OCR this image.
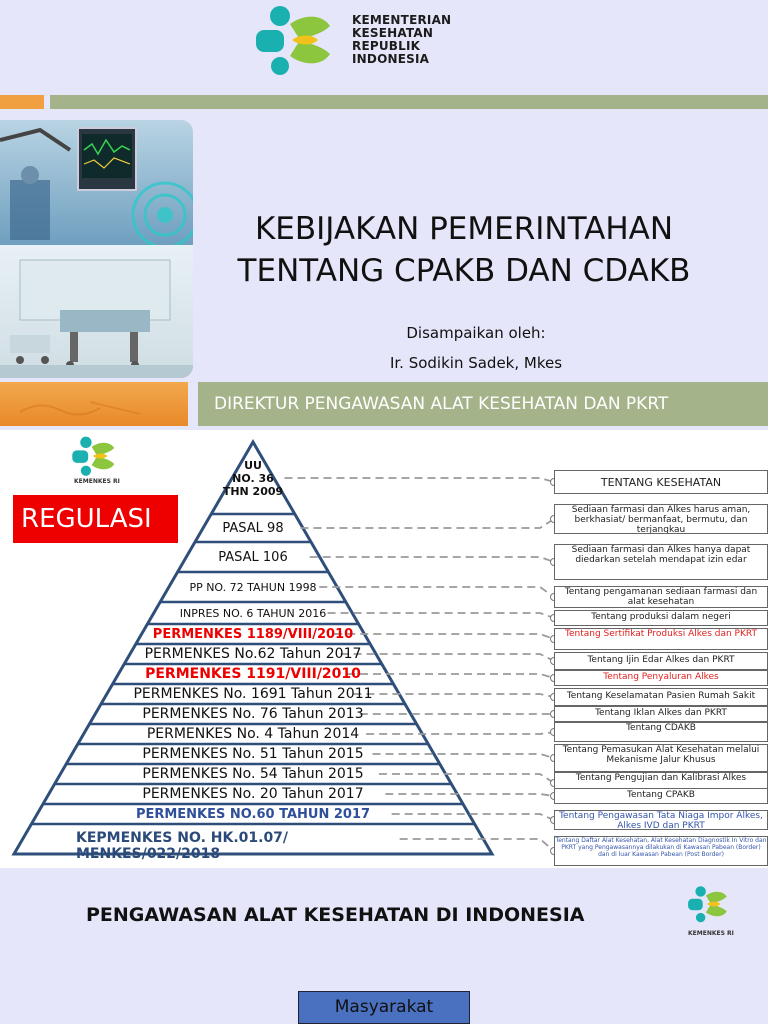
KEMENTERIAN
KESEHATAN
REPUBLIK
INDONESIA
KEBIJAKAN PEMERINTAHAN
TENTANG CPAKB DAN CDAKB
Disampaikan oleh:
Ir. Sodikin Sadek, Mkes
DIREKTUR PENGAWASAN ALAT KESEHATAN DAN PKRT
KEMENKES RI
REGULASI
UU
NO. 36
THN 2009
PASAL 98
PASAL 106
PP NO. 72 TAHUN 1998
INPRES NO. 6 TAHUN 2016
PERMENKES 1189/VIII/2010
PERMENKES No.62 Tahun 2017
PERMENKES 1191/VIII/2010
PERMENKES No. 1691 Tahun 2011
PERMENKES No. 76 Tahun 2013
PERMENKES No. 4 Tahun 2014
PERMENKES No. 51 Tahun 2015
PERMENKES No. 54 Tahun 2015
PERMENKES No. 20 Tahun 2017
PERMENKES NO.60 TAHUN 2017
KEPMENKES NO. HK.01.07/
MENKES/022/2018
TENTANG KESEHATAN
Sediaan farmasi dan Alkes harus aman, berkhasiat/ bermanfaat, bermutu, dan terjangkau
Sediaan farmasi dan Alkes hanya dapat diedarkan setelah mendapat izin edar
Tentang pengamanan sediaan farmasi dan alat kesehatan
Tentang produksi dalam negeri
Tentang Sertifikat Produksi Alkes dan PKRT
Tentang Ijin Edar Alkes dan PKRT
Tentang Penyaluran Alkes
Tentang Keselamatan Pasien Rumah Sakit
Tentang Iklan Alkes dan PKRT
Tentang CDAKB
Tentang Pemasukan Alat Kesehatan melalui Mekanisme Jalur Khusus
Tentang Pengujian dan Kalibrasi Alkes
Tentang CPAKB
Tentang Pengawasan Tata Niaga Impor Alkes, Alkes IVD dan PKRT
Tentang Daftar Alat Kesehatan, Alat Kesehatan Diagnostik In Vitro dan PKRT yang Pengawasannya dilakukan di Kawasan Pabean (Border) dan di luar Kawasan Pabean (Post Border)
PENGAWASAN ALAT KESEHATAN DI INDONESIA
KEMENKES RI
Masyarakat
